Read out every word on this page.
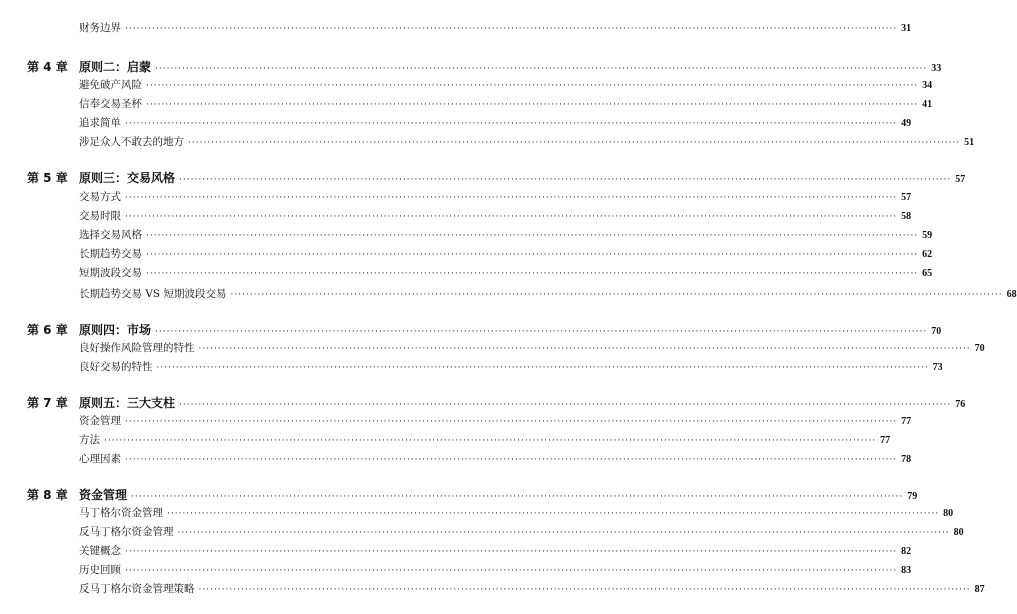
财务边界 ········································································································································································································ 31
第 4 章 原则二：启蒙 ········································································································································································································ 33
避免破产风险 ········································································································································································································ 34
信奉交易圣杯 ········································································································································································································ 41
追求简单 ········································································································································································································ 49
涉足众人不敢去的地方 ········································································································································································································ 51
第 5 章 原则三：交易风格 ········································································································································································································ 57
交易方式 ········································································································································································································ 57
交易时限 ········································································································································································································ 58
选择交易风格 ········································································································································································································ 59
长期趋势交易 ········································································································································································································ 62
短期波段交易 ········································································································································································································ 65
长期趋势交易 VS 短期波段交易 ········································································································································································································ 68
第 6 章 原则四：市场 ········································································································································································································ 70
良好操作风险管理的特性 ········································································································································································································ 70
良好交易的特性 ········································································································································································································ 73
第 7 章 原则五：三大支柱 ········································································································································································································ 76
资金管理 ········································································································································································································ 77
方法 ········································································································································································································ 77
心理因素 ········································································································································································································ 78
第 8 章 资金管理 ········································································································································································································ 79
马丁格尔资金管理 ········································································································································································································ 80
反马丁格尔资金管理 ········································································································································································································ 80
关键概念 ········································································································································································································ 82
历史回顾 ········································································································································································································ 83
反马丁格尔资金管理策略 ········································································································································································································ 87
